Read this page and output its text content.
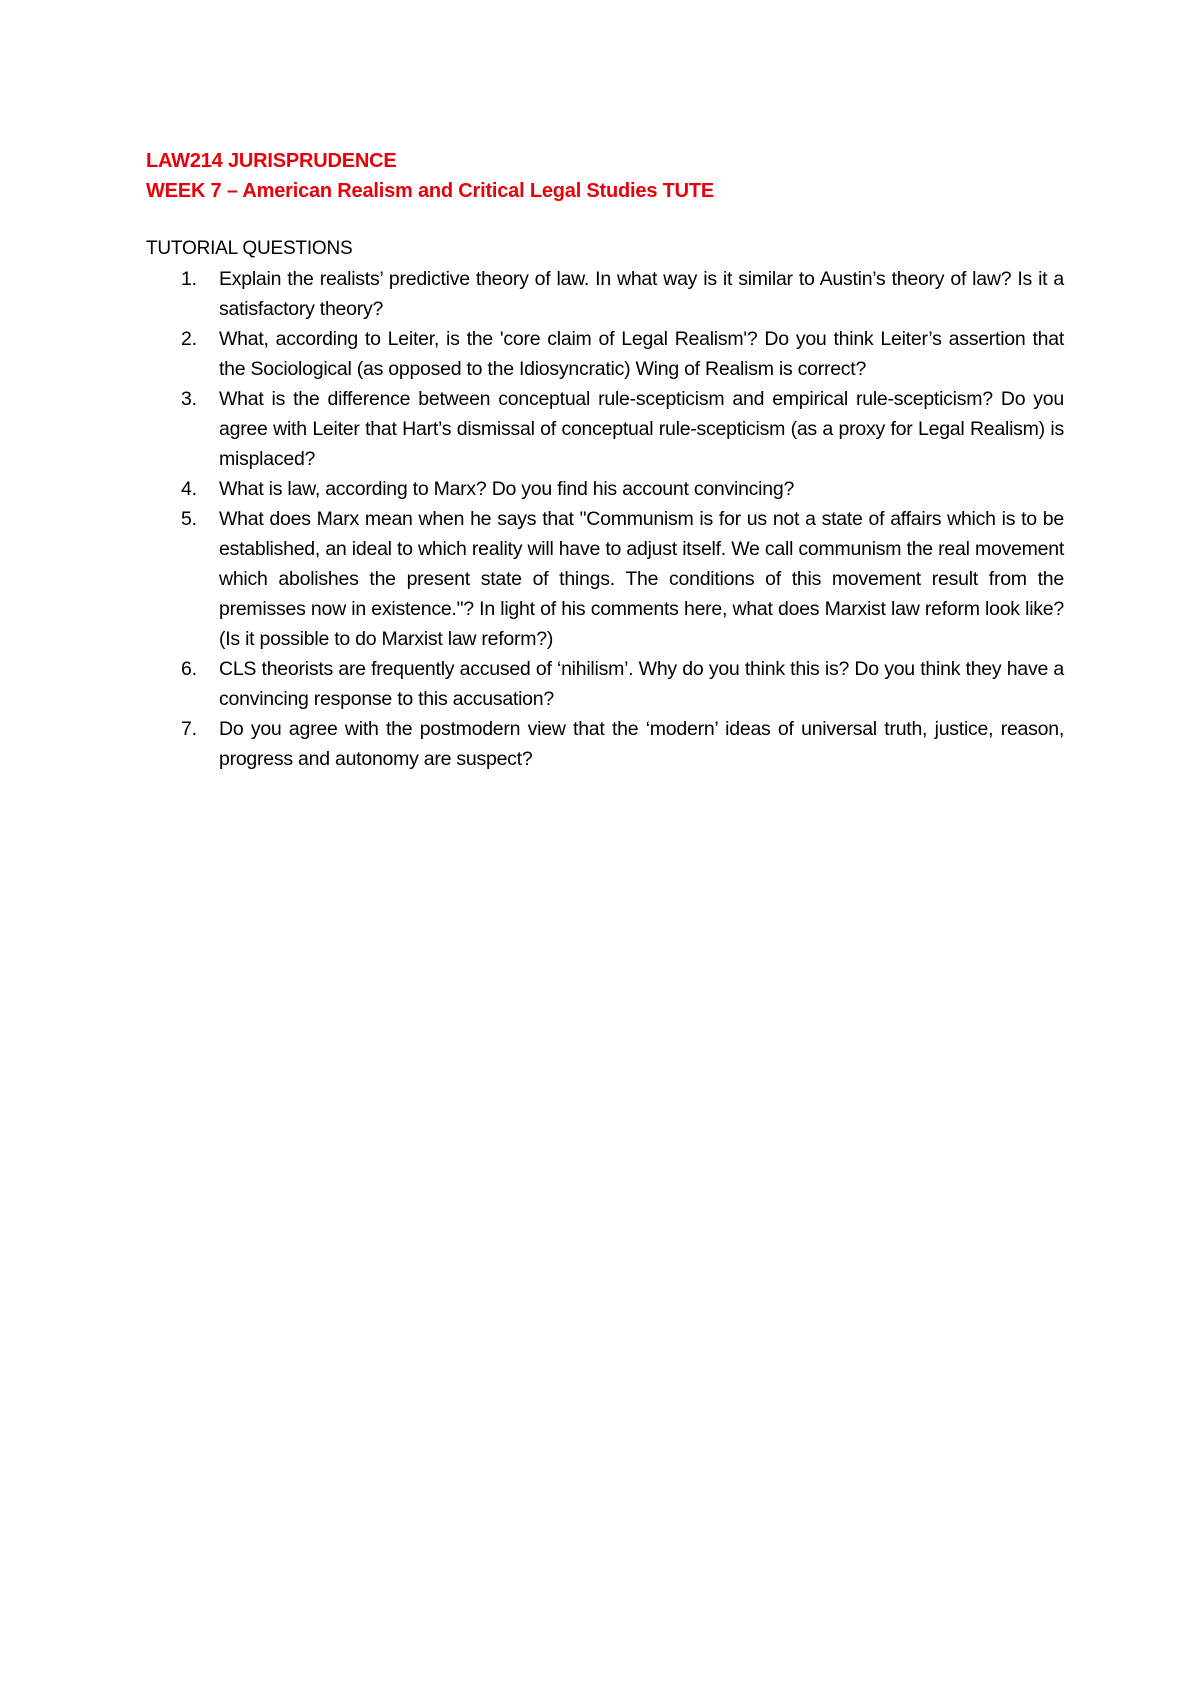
LAW214 JURISPRUDENCE

WEEK 7 – American Realism and Critical Legal Studies TUTE

TUTORIAL QUESTIONS

1. Explain the realists’ predictive theory of law. In what way is it similar to Austin’s theory of law? Is it a satisfactory theory?
2. What, according to Leiter, is the 'core claim of Legal Realism'? Do you think Leiter’s assertion that the Sociological (as opposed to the Idiosyncratic) Wing of Realism is correct?
3. What is the difference between conceptual rule-scepticism and empirical rule-scepticism? Do you agree with Leiter that Hart’s dismissal of conceptual rule-scepticism (as a proxy for Legal Realism) is misplaced?
4. What is law, according to Marx? Do you find his account convincing?
5. What does Marx mean when he says that "Communism is for us not a state of affairs which is to be established, an ideal to which reality will have to adjust itself. We call communism the real movement which abolishes the present state of things. The conditions of this movement result from the premisses now in existence."? In light of his comments here, what does Marxist law reform look like? (Is it possible to do Marxist law reform?)
6. CLS theorists are frequently accused of ‘nihilism’. Why do you think this is? Do you think they have a convincing response to this accusation?
7. Do you agree with the postmodern view that the ‘modern’ ideas of universal truth, justice, reason, progress and autonomy are suspect?
